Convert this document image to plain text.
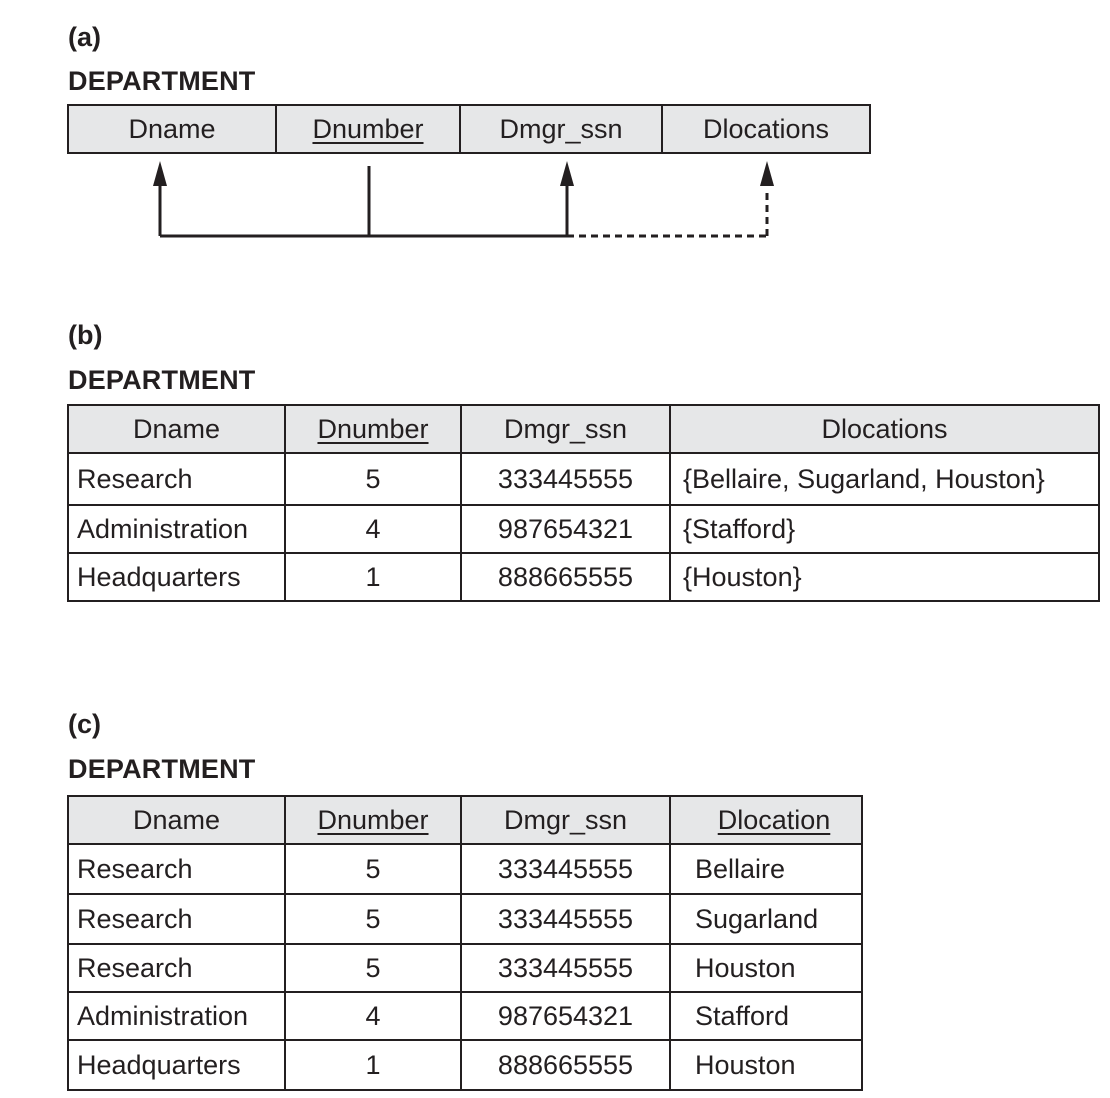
(a)
DEPARTMENT
Dname	Dnumber	Dmgr_ssn	Dlocations
(b)
DEPARTMENT
Dname	Dnumber	Dmgr_ssn	Dlocations
Research	5	333445555	{Bellaire, Sugarland, Houston}
Administration	4	987654321	{Stafford}
Headquarters	1	888665555	{Houston}
(c)
DEPARTMENT
Dname	Dnumber	Dmgr_ssn	Dlocation
Research	5	333445555	Bellaire
Research	5	333445555	Sugarland
Research	5	333445555	Houston
Administration	4	987654321	Stafford
Headquarters	1	888665555	Houston
